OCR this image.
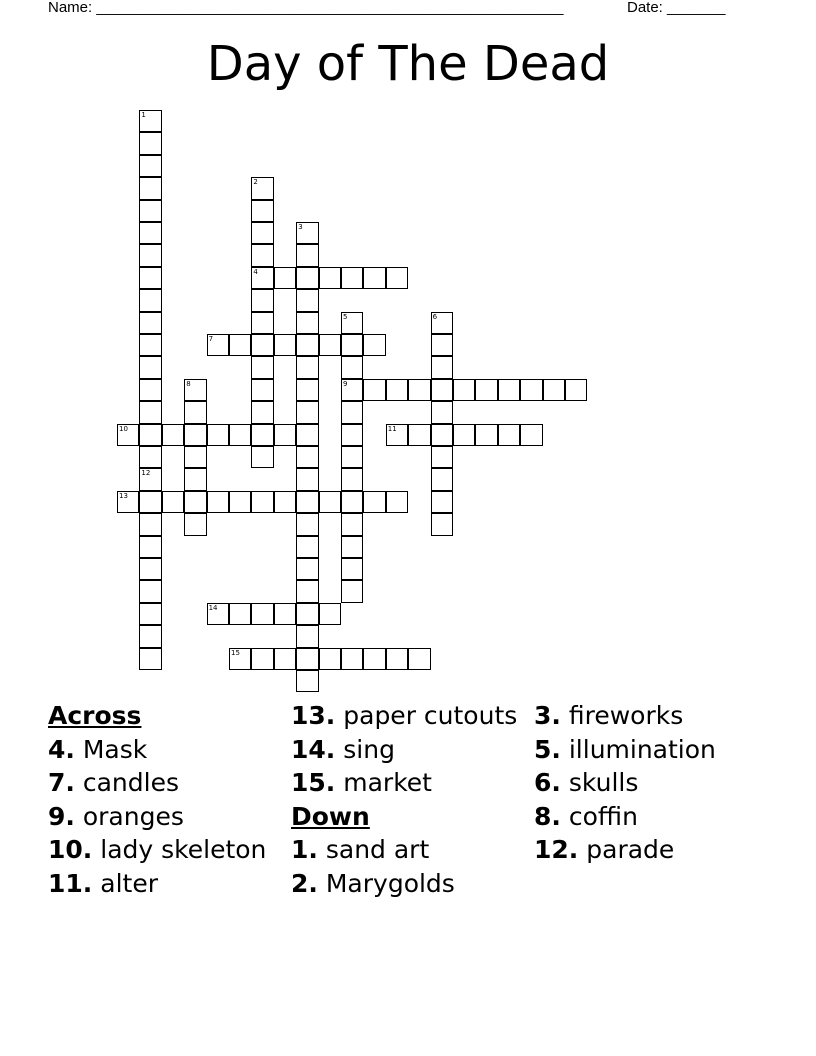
Name: ________________________________________________________	Date: _______
Day of The Dead
1
12
2
4
3
5
9
6
7
8
10	11
13
14
15
Across
4. Mask
7. candles
9. oranges
10. lady skeleton
11. alter
13. paper cutouts
14. sing
15. market
Down
1. sand art
2. Marygolds
3. fireworks
5. illumination
6. skulls
8. coffin
12. parade
